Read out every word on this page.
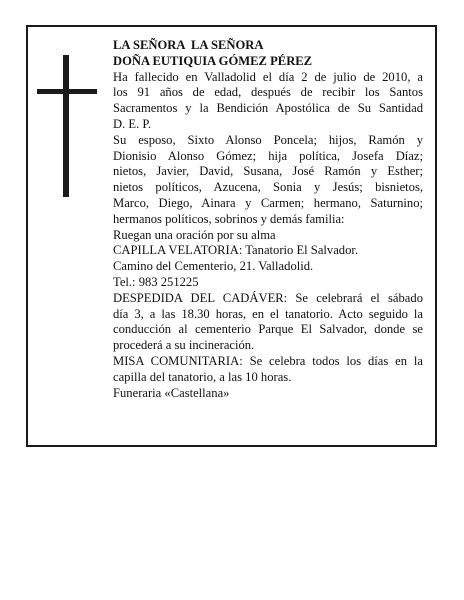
LA SEÑORA  LA SEÑORA
DOÑA EUTIQUIA GÓMEZ PÉREZ
Ha fallecido en Valladolid el día 2 de julio de 2010, a
los 91 años de edad, después de recibir los Santos
Sacramentos y la Bendición Apostólica de Su Santidad
D. E. P.
Su esposo, Sixto Alonso Poncela; hijos, Ramón y
Dionisio Alonso Gómez; hija política, Josefa Díaz;
nietos, Javier, David, Susana, José Ramón y Esther;
nietos políticos, Azucena, Sonia y Jesús; bisnietos,
Marco, Diego, Ainara y Carmen; hermano, Saturnino;
hermanos políticos, sobrinos y demás familia:
Ruegan una oración por su alma
CAPILLA VELATORIA: Tanatorio El Salvador.
Camino del Cementerio, 21. Valladolid.
Tel.: 983 251225
DESPEDIDA DEL CADÁVER: Se celebrará el sábado
día 3, a las 18.30 horas, en el tanatorio. Acto seguido la
conducción al cementerio Parque El Salvador, donde se
procederá a su incineración.
MISA COMUNITARIA: Se celebra todos los días en la
capilla del tanatorio, a las 10 horas.
Funeraria «Castellana»
